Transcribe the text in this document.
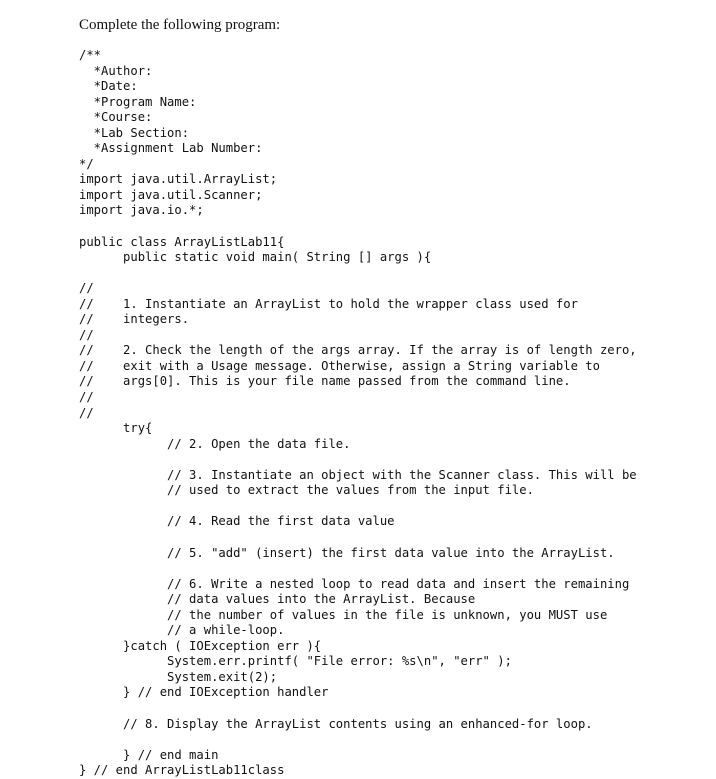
Complete the following program:
/**
*Author:
*Date:
*Program Name:
*Course:
*Lab Section:
*Assignment Lab Number:
*/
import java.util.ArrayList;
import java.util.Scanner;
import java.io.*;
public class ArrayListLab11{
public static void main( String [] args ){
//
//    1. Instantiate an ArrayList to hold the wrapper class used for
//    integers.
//
//    2. Check the length of the args array. If the array is of length zero,
//    exit with a Usage message. Otherwise, assign a String variable to
//    args[0]. This is your file name passed from the command line.
//
//
try{
// 2. Open the data file.
// 3. Instantiate an object with the Scanner class. This will be
// used to extract the values from the input file.
// 4. Read the first data value
// 5. "add" (insert) the first data value into the ArrayList.
// 6. Write a nested loop to read data and insert the remaining
// data values into the ArrayList. Because
// the number of values in the file is unknown, you MUST use
// a while-loop.
}catch ( IOException err ){
System.err.printf( "File error: %s\n", "err" );
System.exit(2);
} // end IOException handler
// 8. Display the ArrayList contents using an enhanced-for loop.
} // end main
} // end ArrayListLab11class
